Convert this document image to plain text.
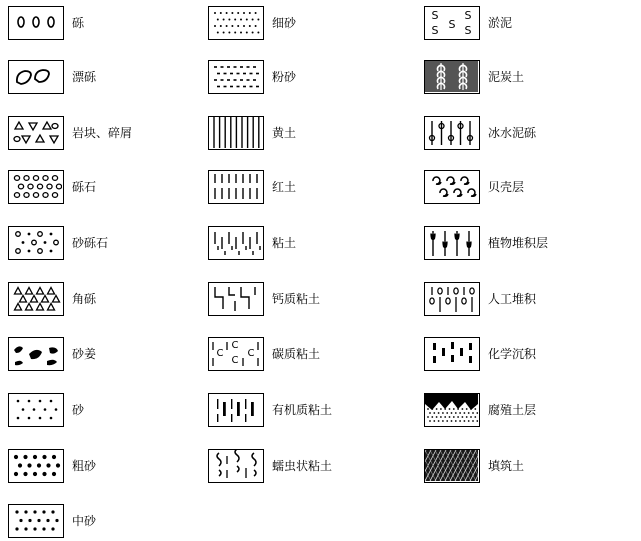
砾
漂砾
岩块、碎屑
砾石
砂砾石
角砾
砂姜
砂
粗砂
中砂
细砂
粉砂
黄土
红土
粘土
钙质粘土
C
C
C
C 碳质粘土
有机质粘土
蠕虫状粘土
S
S S
S
S
淤泥
泥炭土
冰水泥砾
贝壳层
植物堆积层
人工堆积
化学沉积
腐殖土层
填筑土
